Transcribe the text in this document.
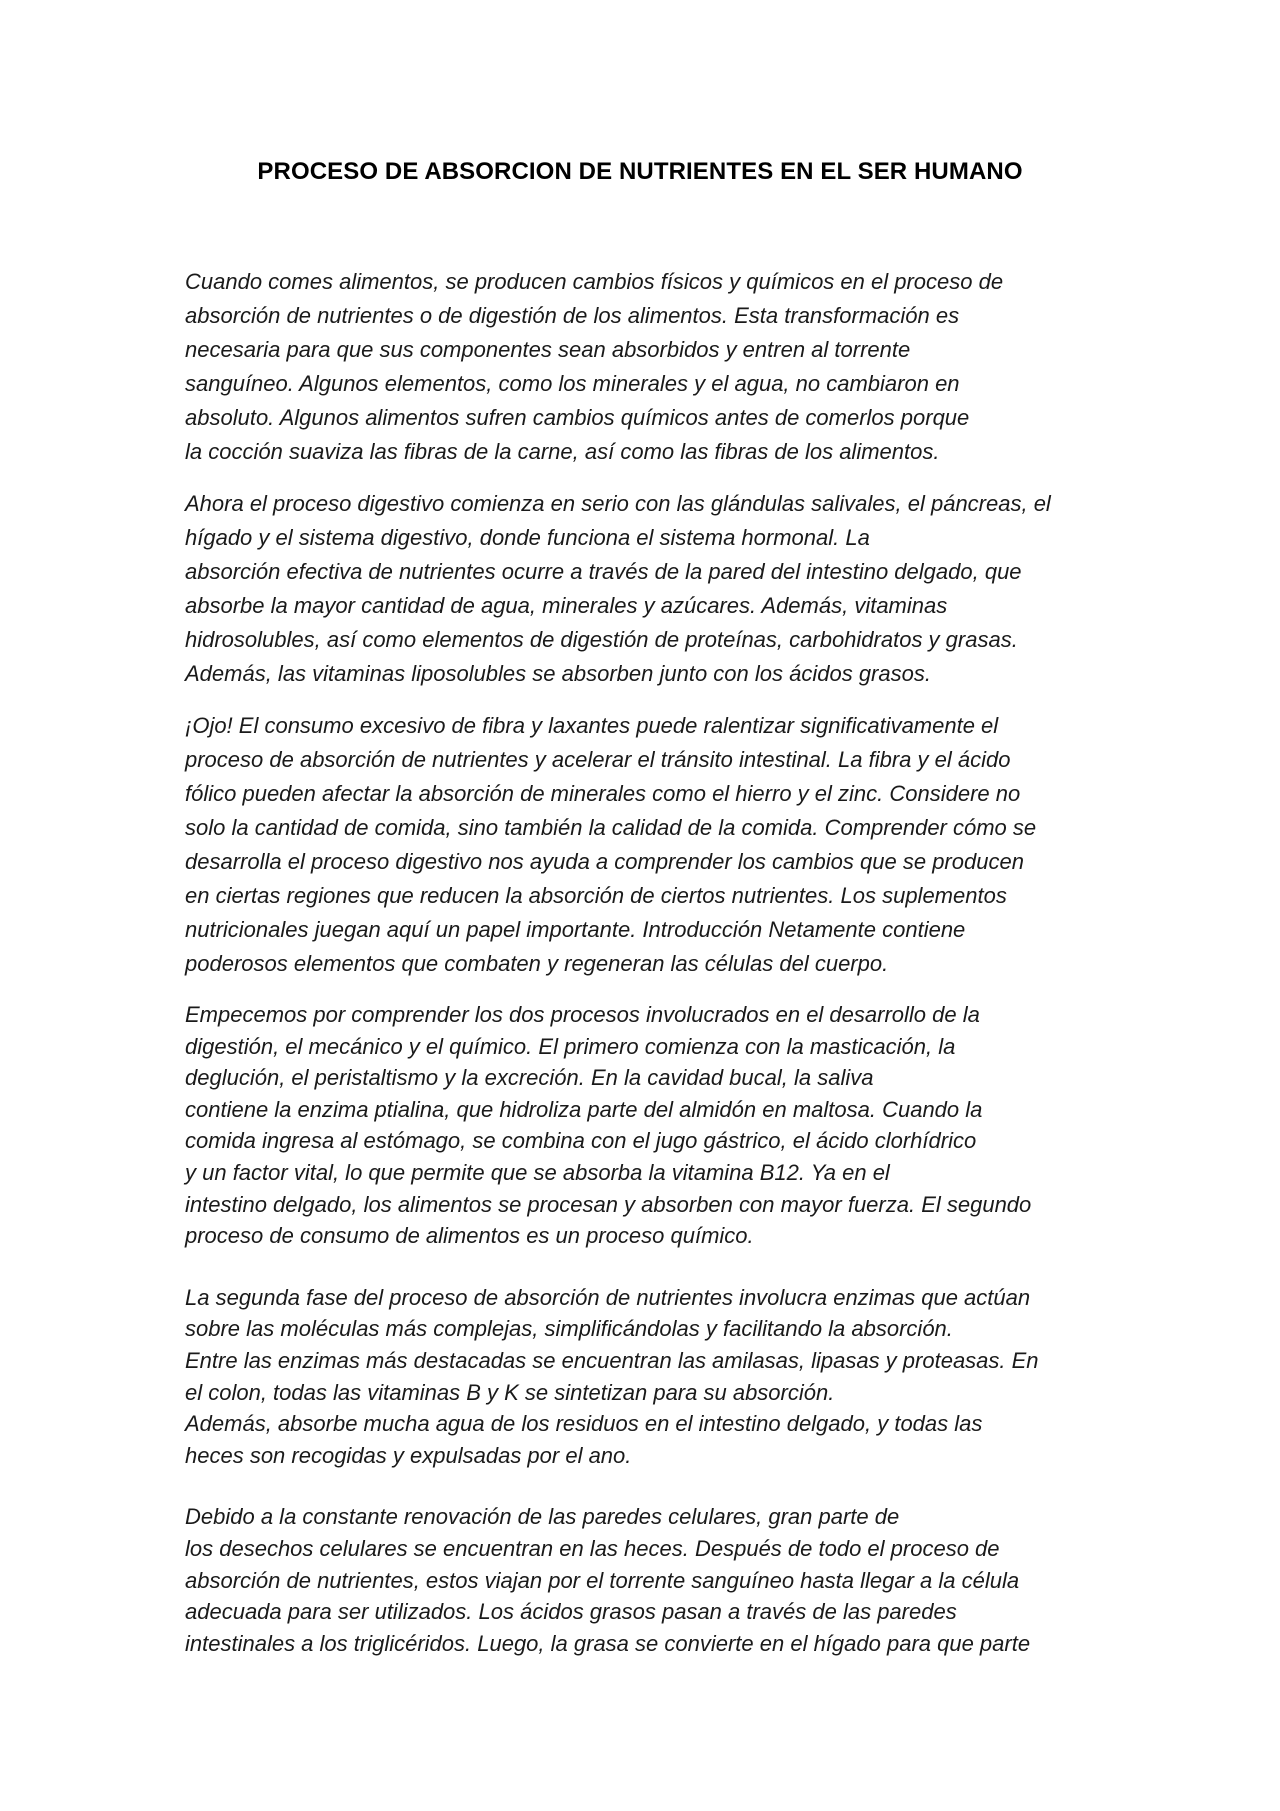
PROCESO DE ABSORCION DE NUTRIENTES EN EL SER HUMANO

Cuando comes alimentos, se producen cambios físicos y químicos en el proceso de
absorción de nutrientes o de digestión de los alimentos. Esta transformación es
necesaria para que sus componentes sean absorbidos y entren al torrente
sanguíneo. Algunos elementos, como los minerales y el agua, no cambiaron en
absoluto. Algunos alimentos sufren cambios químicos antes de comerlos porque
la cocción suaviza las fibras de la carne, así como las fibras de los alimentos.

Ahora el proceso digestivo comienza en serio con las glándulas salivales, el páncreas, el
hígado y el sistema digestivo, donde funciona el sistema hormonal. La
absorción efectiva de nutrientes ocurre a través de la pared del intestino delgado, que
absorbe la mayor cantidad de agua, minerales y azúcares. Además, vitaminas
hidrosolubles, así como elementos de digestión de proteínas, carbohidratos y grasas.
Además, las vitaminas liposolubles se absorben junto con los ácidos grasos.

¡Ojo! El consumo excesivo de fibra y laxantes puede ralentizar significativamente el
proceso de absorción de nutrientes y acelerar el tránsito intestinal. La fibra y el ácido
fólico pueden afectar la absorción de minerales como el hierro y el zinc. Considere no
solo la cantidad de comida, sino también la calidad de la comida. Comprender cómo se
desarrolla el proceso digestivo nos ayuda a comprender los cambios que se producen
en ciertas regiones que reducen la absorción de ciertos nutrientes. Los suplementos
nutricionales juegan aquí un papel importante. Introducción Netamente contiene
poderosos elementos que combaten y regeneran las células del cuerpo.

Empecemos por comprender los dos procesos involucrados en el desarrollo de la
digestión, el mecánico y el químico. El primero comienza con la masticación, la
deglución, el peristaltismo y la excreción. En la cavidad bucal, la saliva
contiene la enzima ptialina, que hidroliza parte del almidón en maltosa. Cuando la
comida ingresa al estómago, se combina con el jugo gástrico, el ácido clorhídrico
y un factor vital, lo que permite que se absorba la vitamina B12. Ya en el
intestino delgado, los alimentos se procesan y absorben con mayor fuerza. El segundo
proceso de consumo de alimentos es un proceso químico.

La segunda fase del proceso de absorción de nutrientes involucra enzimas que actúan
sobre las moléculas más complejas, simplificándolas y facilitando la absorción.
Entre las enzimas más destacadas se encuentran las amilasas, lipasas y proteasas. En
el colon, todas las vitaminas B y K se sintetizan para su absorción.
Además, absorbe mucha agua de los residuos en el intestino delgado, y todas las
heces son recogidas y expulsadas por el ano.

Debido a la constante renovación de las paredes celulares, gran parte de
los desechos celulares se encuentran en las heces. Después de todo el proceso de
absorción de nutrientes, estos viajan por el torrente sanguíneo hasta llegar a la célula
adecuada para ser utilizados. Los ácidos grasos pasan a través de las paredes
intestinales a los triglicéridos. Luego, la grasa se convierte en el hígado para que parte
